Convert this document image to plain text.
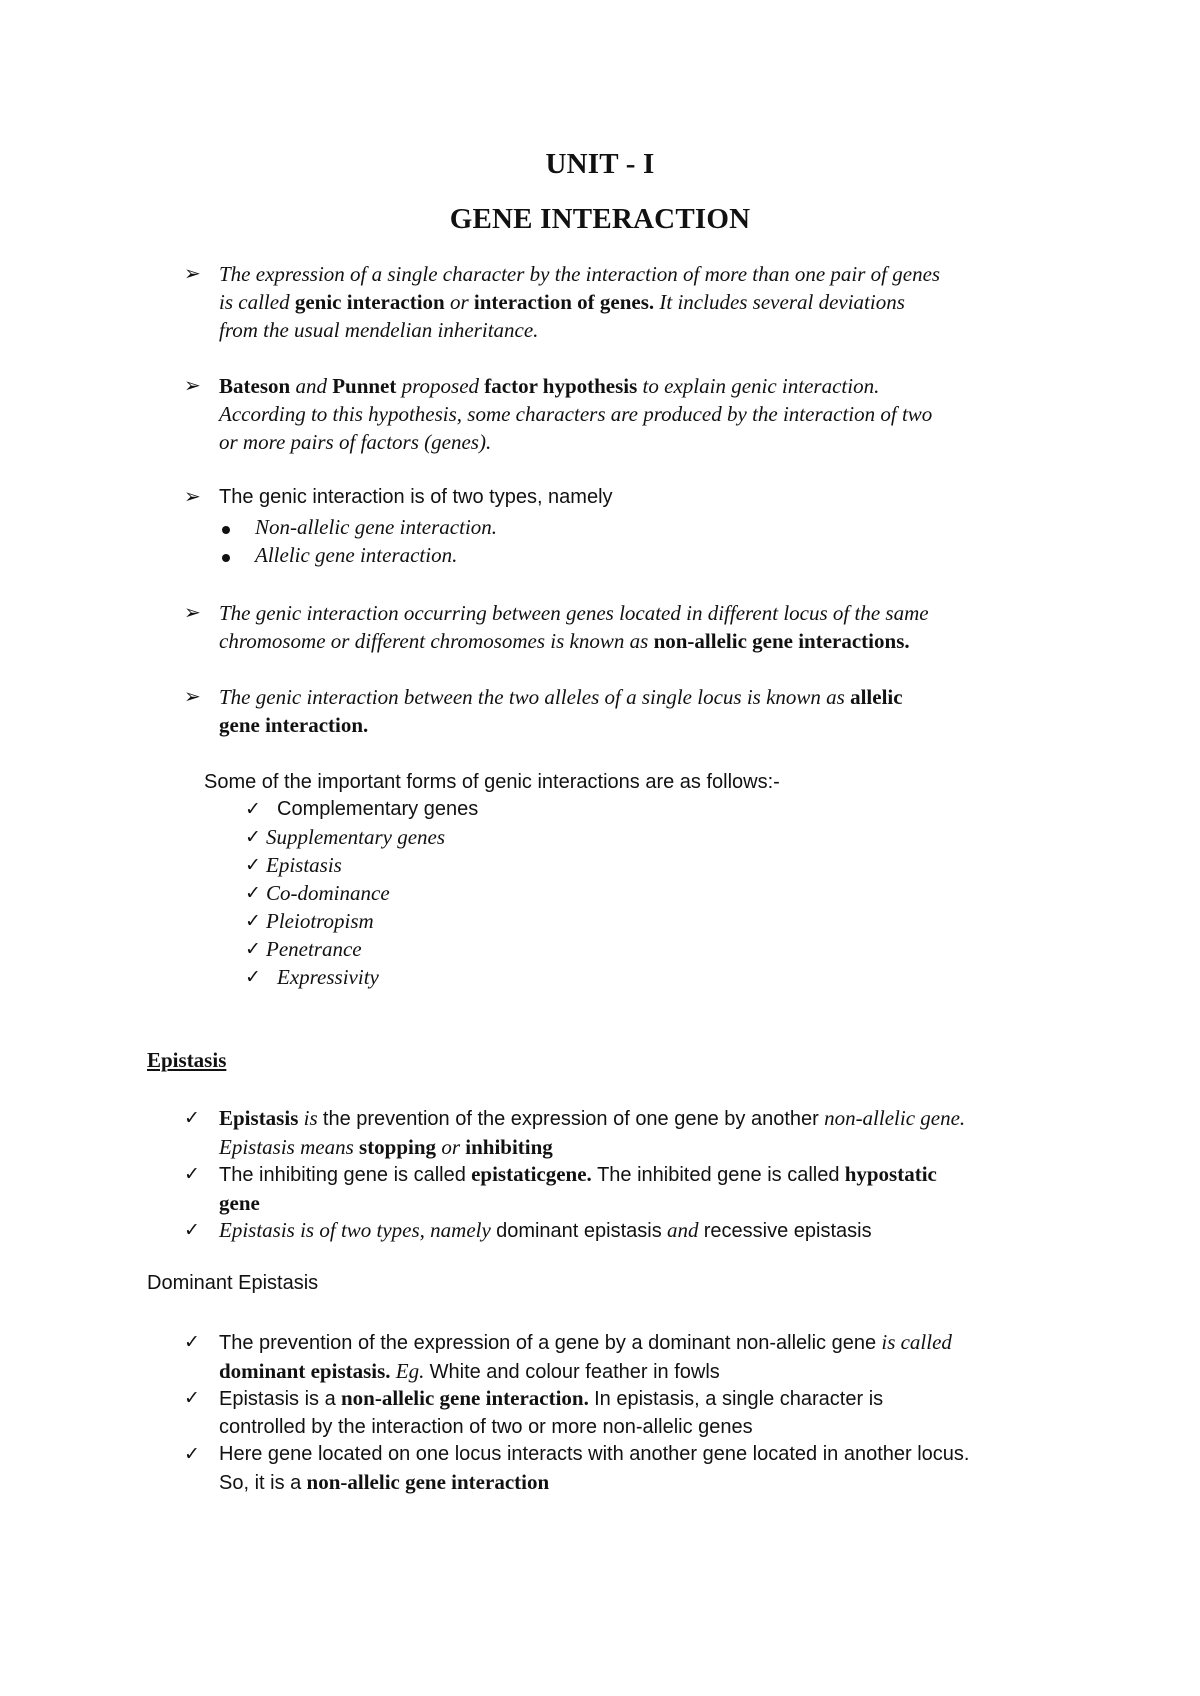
UNIT - I
GENE INTERACTION
➢ The expression of a single character by the interaction of more than one pair of genes

is called genic interaction or interaction of genes. It includes several deviations

from the usual mendelian inheritance.

➢ Bateson and Punnet proposed factor hypothesis to explain genic interaction.

According to this hypothesis, some characters are produced by the interaction of two

or more pairs of factors (genes).

➢ The genic interaction is of two types, namely

Non-allelic gene interaction.
Allelic gene interaction.
➢ The genic interaction occurring between genes located in different locus of the same

chromosome or different chromosomes is known as non-allelic gene interactions.

➢ The genic interaction between the two alleles of a single locus is known as allelic

gene interaction.

Some of the important forms of genic interactions are as follows:-
✓ Complementary genes
✓ Supplementary genes
✓ Epistasis
✓ Co-dominance
✓ Pleiotropism
✓ Penetrance
✓ Expressivity
Epistasis
✓ Epistasis is the prevention of the expression of one gene by another non-allelic gene.

Epistasis means stopping or inhibiting

✓ The inhibiting gene is called epistaticgene. The inhibited gene is called hypostatic

gene

✓ Epistasis is of two types, namely dominant epistasis and recessive epistasis

Dominant Epistasis
✓ The prevention of the expression of a gene by a dominant non-allelic gene is called

dominant epistasis. Eg. White and colour feather in fowls

✓ Epistasis is a non-allelic gene interaction. In epistasis, a single character is

controlled by the interaction of two or more non-allelic genes

✓ Here gene located on one locus interacts with another gene located in another locus.

So, it is a non-allelic gene interaction
